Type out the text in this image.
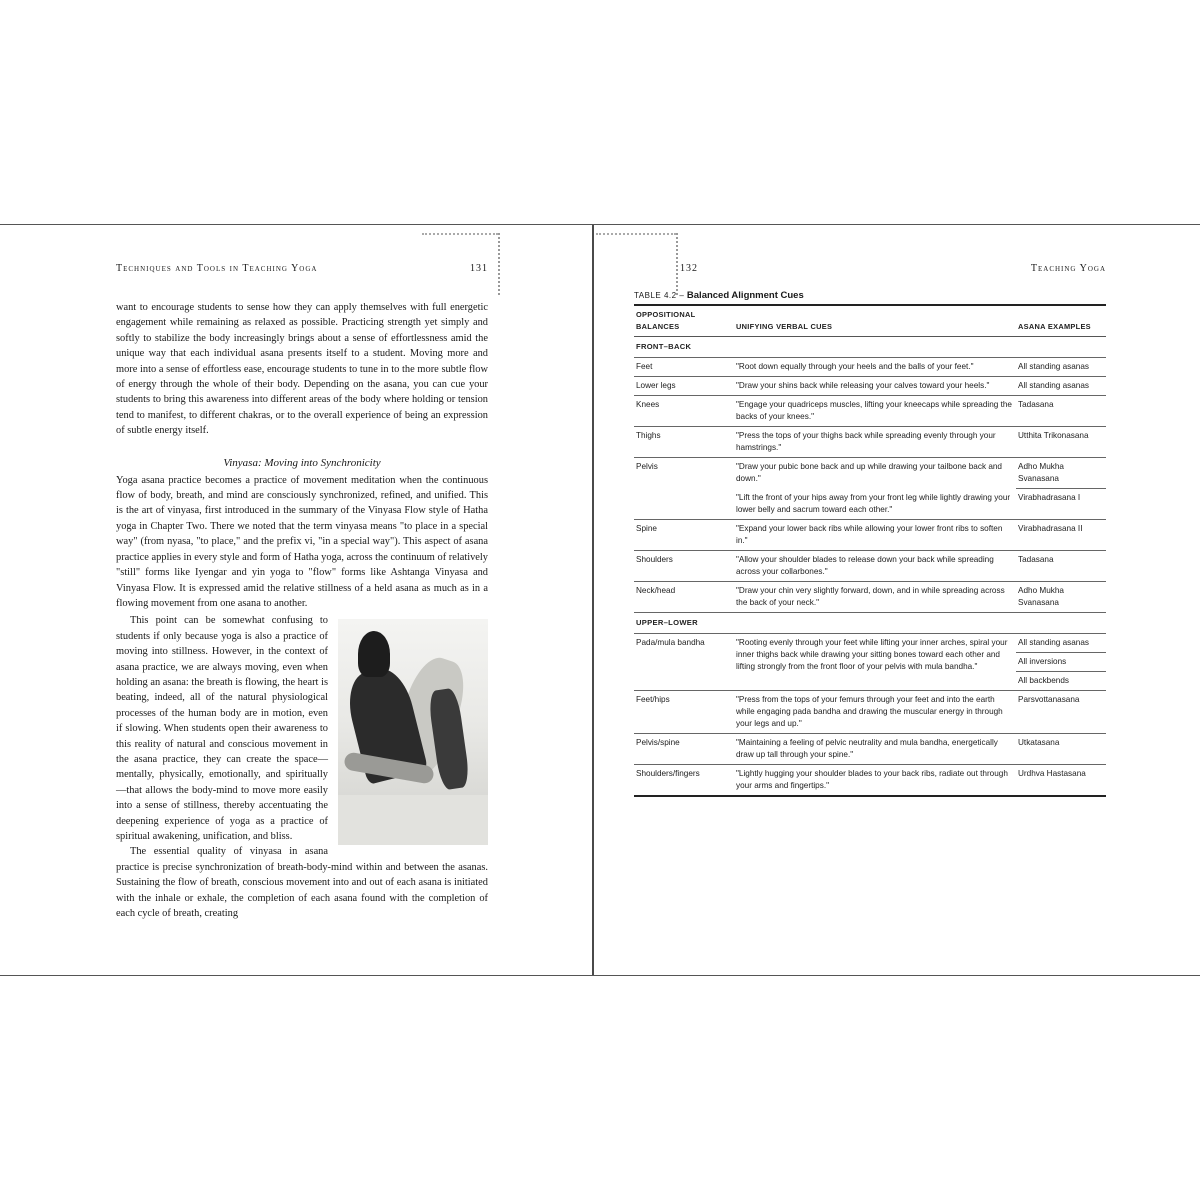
Techniques and Tools in Teaching Yoga	131

want to encourage students to sense how they can apply themselves with full energetic engagement while remaining as relaxed as possible. Practicing strength yet simply and softly to stabilize the body increasingly brings about a sense of effortlessness amid the unique way that each individual asana presents itself to a student. Moving more and more into a sense of effortless ease, encourage students to tune in to the more subtle flow of energy through the whole of their body. Depending on the asana, you can cue your students to bring this awareness into different areas of the body where holding or tension tend to manifest, to different chakras, or to the overall experience of being an expression of subtle energy itself.

Vinyasa: Moving into Synchronicity

Yoga asana practice becomes a practice of movement meditation when the continuous flow of body, breath, and mind are consciously synchronized, refined, and unified. This is the art of vinyasa, first introduced in the summary of the Vinyasa Flow style of Hatha yoga in Chapter Two. There we noted that the term vinyasa means "to place in a special way" (from nyasa, "to place," and the prefix vi, "in a special way"). This aspect of asana practice applies in every style and form of Hatha yoga, across the continuum of relatively "still" forms like Iyengar and yin yoga to "flow" forms like Ashtanga Vinyasa and Vinyasa Flow. It is expressed amid the relative stillness of a held asana as much as in a flowing movement from one asana to another.

This point can be somewhat confusing to students if only because yoga is also a practice of moving into stillness. However, in the context of asana practice, we are always moving, even when holding an asana: the breath is flowing, the heart is beating, indeed, all of the natural physiological processes of the human body are in motion, even if slowing. When students open their awareness to this reality of natural and conscious movement in the asana practice, they can create the space—mentally, physically, emotionally, and spiritually—that allows the body-mind to move more easily into a sense of stillness, thereby accentuating the deepening experience of yoga as a practice of spiritual awakening, unification, and bliss.

The essential quality of vinyasa in asana practice is precise synchronization of breath-body-mind within and between the asanas. Sustaining the flow of breath, conscious movement into and out of each asana is initiated with the inhale or exhale, the completion of each asana found with the completion of each cycle of breath, creating

132	Teaching Yoga
TABLE 4.2 – Balanced Alignment Cues
OPPOSITIONAL BALANCES	UNIFYING VERBAL CUES	ASANA EXAMPLES
FRONT–BACK		
Feet	"Root down equally through your heels and the balls of your feet."	All standing asanas
Lower legs	"Draw your shins back while releasing your calves toward your heels."	All standing asanas
Knees	"Engage your quadriceps muscles, lifting your kneecaps while spreading the backs of your knees."	Tadasana
Thighs	"Press the tops of your thighs back while spreading evenly through your hamstrings."	Utthita Trikonasana
Pelvis	"Draw your pubic bone back and up while drawing your tailbone back and down."	Adho Mukha Svanasana
	"Lift the front of your hips away from your front leg while lightly drawing your lower belly and sacrum toward each other."	Virabhadrasana I
Spine	"Expand your lower back ribs while allowing your lower front ribs to soften in."	Virabhadrasana II
Shoulders	"Allow your shoulder blades to release down your back while spreading across your collarbones."	Tadasana
Neck/head	"Draw your chin very slightly forward, down, and in while spreading across the back of your neck."	Adho Mukha Svanasana
UPPER–LOWER		
Pada/mula bandha	"Rooting evenly through your feet while lifting your inner arches, spiral your inner thighs back while drawing your sitting bones toward each other and lifting strongly from the front floor of your pelvis with mula bandha."	All standing asanas
		All inversions
		All backbends
Feet/hips	"Press from the tops of your femurs through your feet and into the earth while engaging pada bandha and drawing the muscular energy in through your legs and up."	Parsvottanasana
Pelvis/spine	"Maintaining a feeling of pelvic neutrality and mula bandha, energetically draw up tall through your spine."	Utkatasana
Shoulders/fingers	"Lightly hugging your shoulder blades to your back ribs, radiate out through your arms and fingertips."	Urdhva Hastasana
